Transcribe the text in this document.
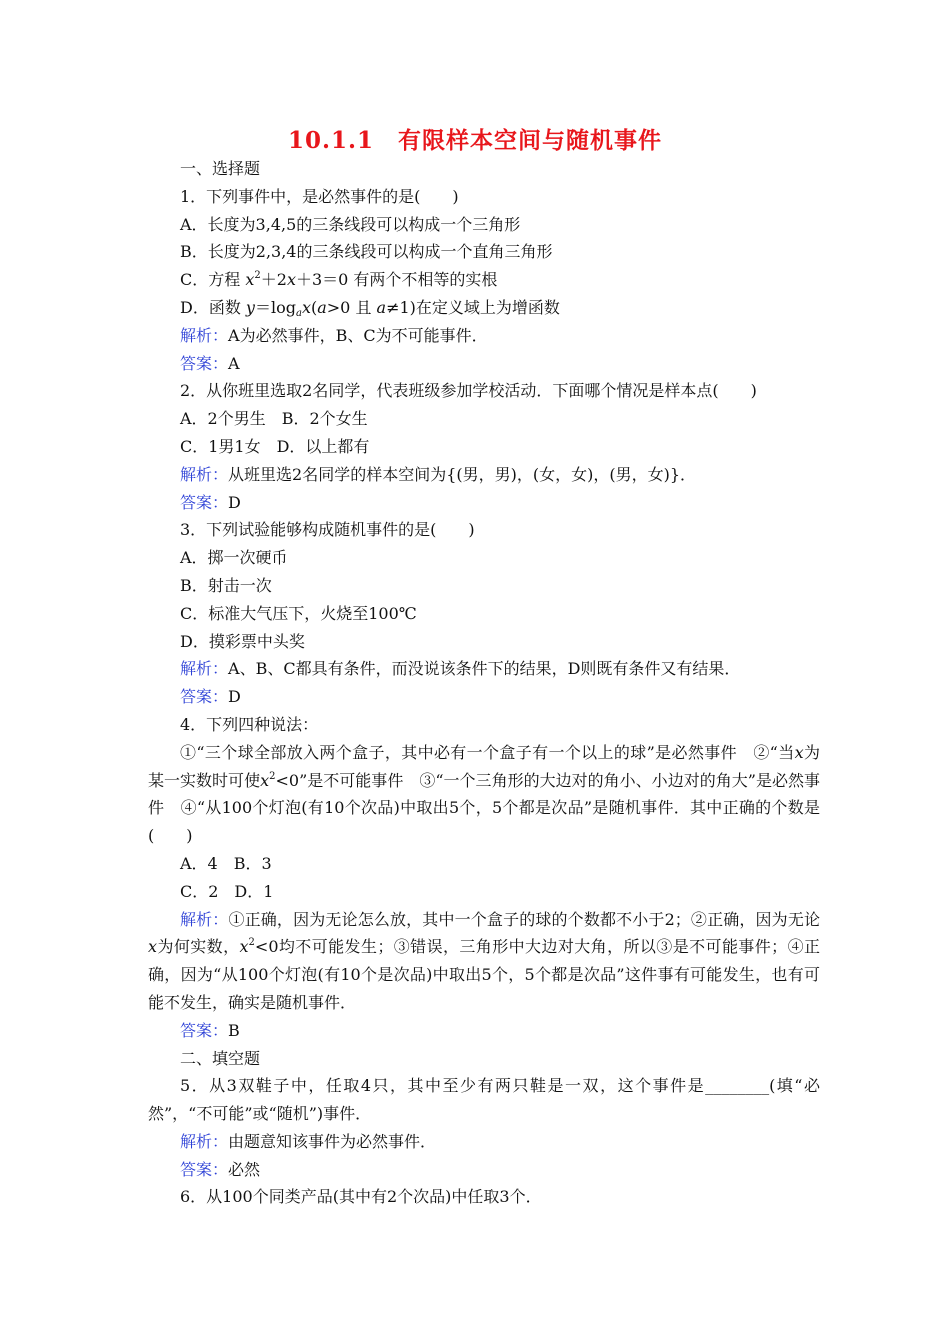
10.1.1　有限样本空间与随机事件
一、选择题
1．下列事件中，是必然事件的是(　　)
A．长度为3,4,5的三条线段可以构成一个三角形
B．长度为2,3,4的三条线段可以构成一个直角三角形
C．方程 $x^2+2x+3=0$ 有两个不相等的实根
D．函数 $y=\log_ax(a>0$ 且 a≠1)在定义域上为增函数
解析：A为必然事件，B、C为不可能事件．
答案：A
2．从你班里选取2名同学，代表班级参加学校活动．下面哪个情况是样本点(　　)
A．2个男生　B．2个女生
C．1男1女　D．以上都有
解析：从班里选2名同学的样本空间为{(男，男)，(女，女)，(男，女)}．
答案：D
3．下列试验能够构成随机事件的是(　　)
A．掷一次硬币
B．射击一次
C．标准大气压下，火烧至100℃
D．摸彩票中头奖
解析：A、B、C都具有条件，而没说该条件下的结果，D则既有条件又有结果．
答案：D
4．下列四种说法：
①“三个球全部放入两个盒子，其中必有一个盒子有一个以上的球”是必然事件　②“当x为某一实数时可使$x^2<0$”是不可能事件　③“一个三角形的大边对的角小、小边对的角大”是必然事件　④“从100个灯泡(有10个次品)中取出5个，5个都是次品”是随机事件．其中正确的个数是(　　)
A．4　B．3
C．2　D．1
解析：①正确，因为无论怎么放，其中一个盒子的球的个数都不小于2；②正确，因为无论x为何实数，$x^2<0$均不可能发生；③错误，三角形中大边对大角，所以③是不可能事件；④正确，因为“从100个灯泡(有10个是次品)中取出5个，5个都是次品”这件事有可能发生，也有可能不发生，确实是随机事件．
答案：B
二、填空题
5．从3双鞋子中，任取4只，其中至少有两只鞋是一双，这个事件是________(填“必然”，“不可能”或“随机”)事件．
解析：由题意知该事件为必然事件．
答案：必然
6．从100个同类产品(其中有2个次品)中任取3个．
